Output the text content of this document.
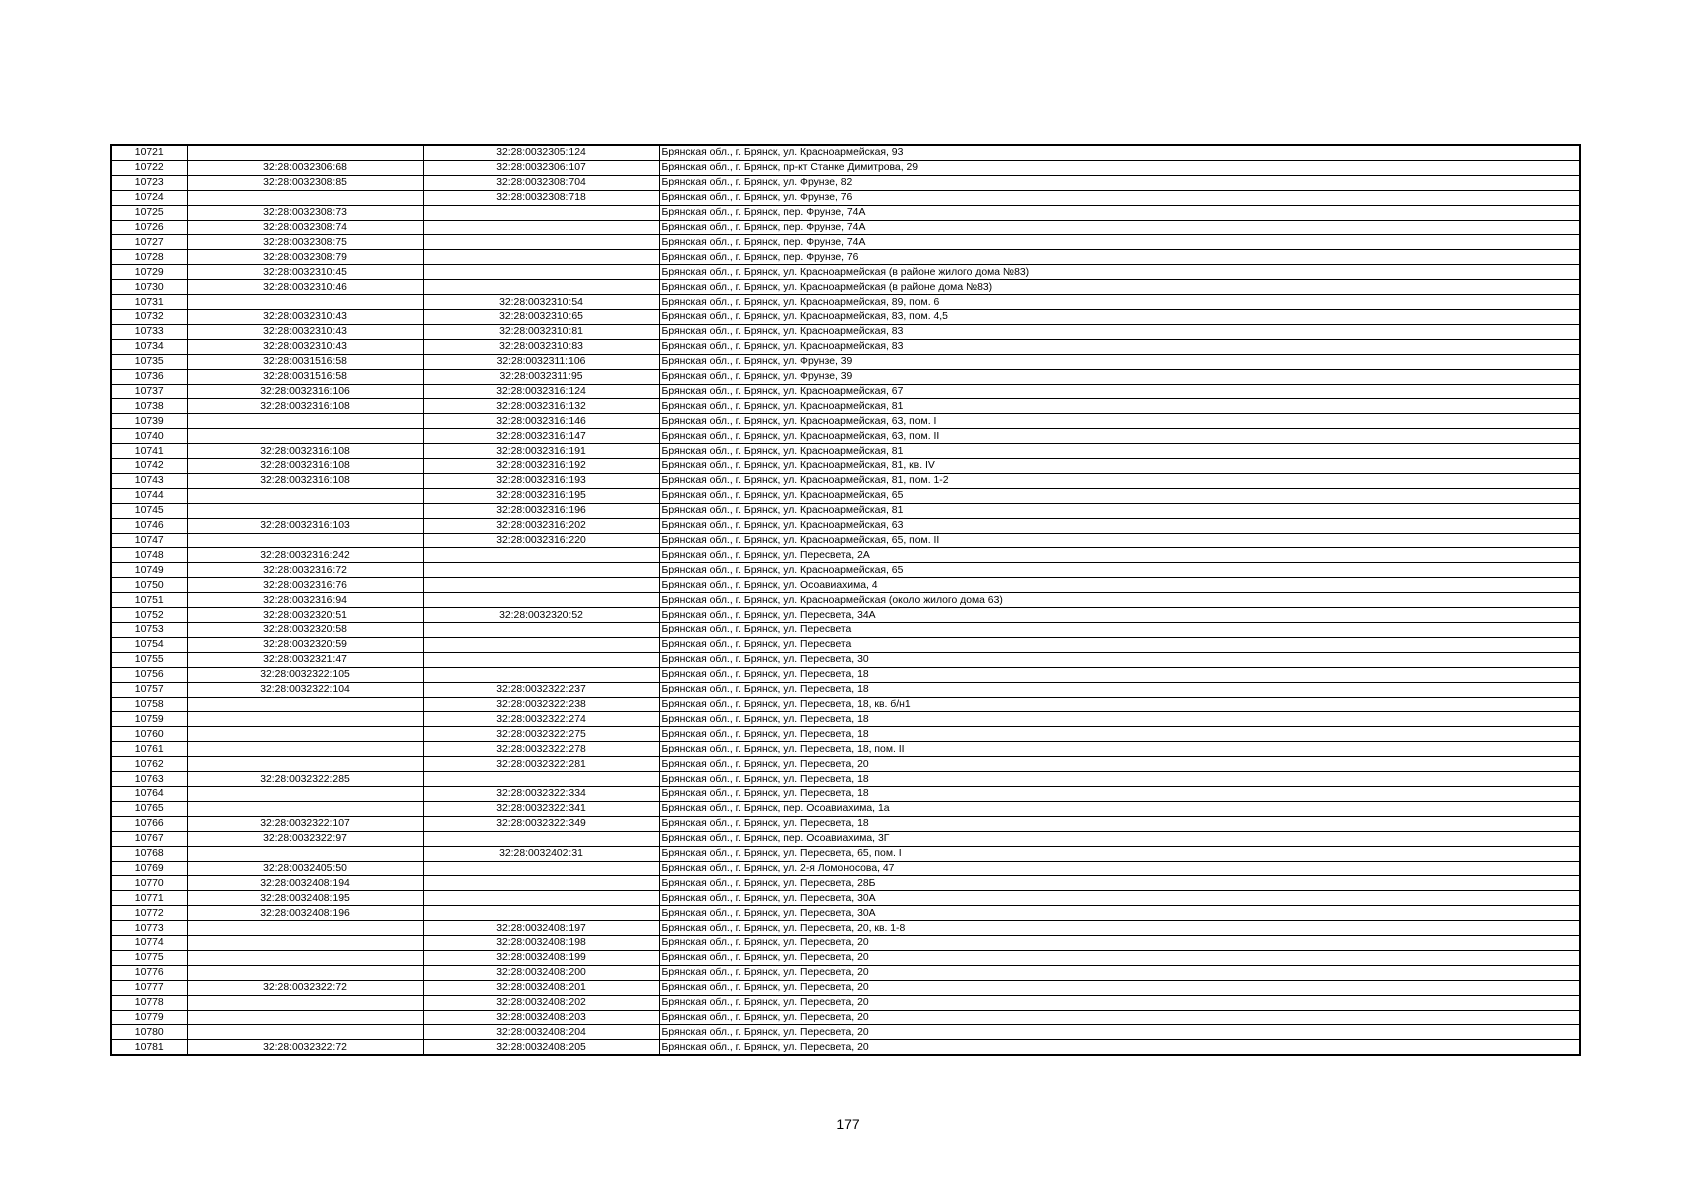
10721		32:28:0032305:124	Брянская обл., г. Брянск, ул. Красноармейская, 93
10722	32:28:0032306:68	32:28:0032306:107	Брянская обл., г. Брянск, пр-кт Станке Димитрова, 29
10723	32:28:0032308:85	32:28:0032308:704	Брянская обл., г. Брянск, ул. Фрунзе, 82
10724		32:28:0032308:718	Брянская обл., г. Брянск, ул. Фрунзе, 76
10725	32:28:0032308:73		Брянская обл., г. Брянск, пер. Фрунзе, 74А
10726	32:28:0032308:74		Брянская обл., г. Брянск, пер. Фрунзе, 74А
10727	32:28:0032308:75		Брянская обл., г. Брянск, пер. Фрунзе, 74А
10728	32:28:0032308:79		Брянская обл., г. Брянск, пер. Фрунзе, 76
10729	32:28:0032310:45		Брянская обл., г. Брянск, ул. Красноармейская (в районе жилого дома №83)
10730	32:28:0032310:46		Брянская обл., г. Брянск, ул. Красноармейская (в районе дома №83)
10731		32:28:0032310:54	Брянская обл., г. Брянск, ул. Красноармейская, 89, пом. 6
10732	32:28:0032310:43	32:28:0032310:65	Брянская обл., г. Брянск, ул. Красноармейская, 83, пом. 4,5
10733	32:28:0032310:43	32:28:0032310:81	Брянская обл., г. Брянск, ул. Красноармейская, 83
10734	32:28:0032310:43	32:28:0032310:83	Брянская обл., г. Брянск, ул. Красноармейская, 83
10735	32:28:0031516:58	32:28:0032311:106	Брянская обл., г. Брянск, ул. Фрунзе, 39
10736	32:28:0031516:58	32:28:0032311:95	Брянская обл., г. Брянск, ул. Фрунзе, 39
10737	32:28:0032316:106	32:28:0032316:124	Брянская обл., г. Брянск, ул. Красноармейская, 67
10738	32:28:0032316:108	32:28:0032316:132	Брянская обл., г. Брянск, ул. Красноармейская, 81
10739		32:28:0032316:146	Брянская обл., г. Брянск, ул. Красноармейская, 63, пом. I
10740		32:28:0032316:147	Брянская обл., г. Брянск, ул. Красноармейская, 63, пом. II
10741	32:28:0032316:108	32:28:0032316:191	Брянская обл., г. Брянск, ул. Красноармейская, 81
10742	32:28:0032316:108	32:28:0032316:192	Брянская обл., г. Брянск, ул. Красноармейская, 81, кв. IV
10743	32:28:0032316:108	32:28:0032316:193	Брянская обл., г. Брянск, ул. Красноармейская, 81, пом. 1-2
10744		32:28:0032316:195	Брянская обл., г. Брянск, ул. Красноармейская, 65
10745		32:28:0032316:196	Брянская обл., г. Брянск, ул. Красноармейская, 81
10746	32:28:0032316:103	32:28:0032316:202	Брянская обл., г. Брянск, ул. Красноармейская, 63
10747		32:28:0032316:220	Брянская обл., г. Брянск, ул. Красноармейская, 65, пом. II
10748	32:28:0032316:242		Брянская обл., г. Брянск, ул. Пересвета, 2А
10749	32:28:0032316:72		Брянская обл., г. Брянск, ул. Красноармейская, 65
10750	32:28:0032316:76		Брянская обл., г. Брянск, ул. Осоавиахима, 4
10751	32:28:0032316:94		Брянская обл., г. Брянск, ул. Красноармейская (около жилого дома 63)
10752	32:28:0032320:51	32:28:0032320:52	Брянская обл., г. Брянск, ул. Пересвета, 34А
10753	32:28:0032320:58		Брянская обл., г. Брянск, ул. Пересвета
10754	32:28:0032320:59		Брянская обл., г. Брянск, ул. Пересвета
10755	32:28:0032321:47		Брянская обл., г. Брянск, ул. Пересвета, 30
10756	32:28:0032322:105		Брянская обл., г. Брянск, ул. Пересвета, 18
10757	32:28:0032322:104	32:28:0032322:237	Брянская обл., г. Брянск, ул. Пересвета, 18
10758		32:28:0032322:238	Брянская обл., г. Брянск, ул. Пересвета, 18, кв. б/н1
10759		32:28:0032322:274	Брянская обл., г. Брянск, ул. Пересвета, 18
10760		32:28:0032322:275	Брянская обл., г. Брянск, ул. Пересвета, 18
10761		32:28:0032322:278	Брянская обл., г. Брянск, ул. Пересвета, 18, пом. II
10762		32:28:0032322:281	Брянская обл., г. Брянск, ул. Пересвета, 20
10763	32:28:0032322:285		Брянская обл., г. Брянск, ул. Пересвета, 18
10764		32:28:0032322:334	Брянская обл., г. Брянск, ул. Пересвета, 18
10765		32:28:0032322:341	Брянская обл., г. Брянск, пер. Осоавиахима, 1а
10766	32:28:0032322:107	32:28:0032322:349	Брянская обл., г. Брянск, ул. Пересвета, 18
10767	32:28:0032322:97		Брянская обл., г. Брянск, пер. Осоавиахима, 3Г
10768		32:28:0032402:31	Брянская обл., г. Брянск, ул. Пересвета, 65, пом. I
10769	32:28:0032405:50		Брянская обл., г. Брянск, ул. 2-я Ломоносова, 47
10770	32:28:0032408:194		Брянская обл., г. Брянск, ул. Пересвета, 28Б
10771	32:28:0032408:195		Брянская обл., г. Брянск, ул. Пересвета, 30А
10772	32:28:0032408:196		Брянская обл., г. Брянск, ул. Пересвета, 30А
10773		32:28:0032408:197	Брянская обл., г. Брянск, ул. Пересвета, 20, кв. 1-8
10774		32:28:0032408:198	Брянская обл., г. Брянск, ул. Пересвета, 20
10775		32:28:0032408:199	Брянская обл., г. Брянск, ул. Пересвета, 20
10776		32:28:0032408:200	Брянская обл., г. Брянск, ул. Пересвета, 20
10777	32:28:0032322:72	32:28:0032408:201	Брянская обл., г. Брянск, ул. Пересвета, 20
10778		32:28:0032408:202	Брянская обл., г. Брянск, ул. Пересвета, 20
10779		32:28:0032408:203	Брянская обл., г. Брянск, ул. Пересвета, 20
10780		32:28:0032408:204	Брянская обл., г. Брянск, ул. Пересвета, 20
10781	32:28:0032322:72	32:28:0032408:205	Брянская обл., г. Брянск, ул. Пересвета, 20
177
